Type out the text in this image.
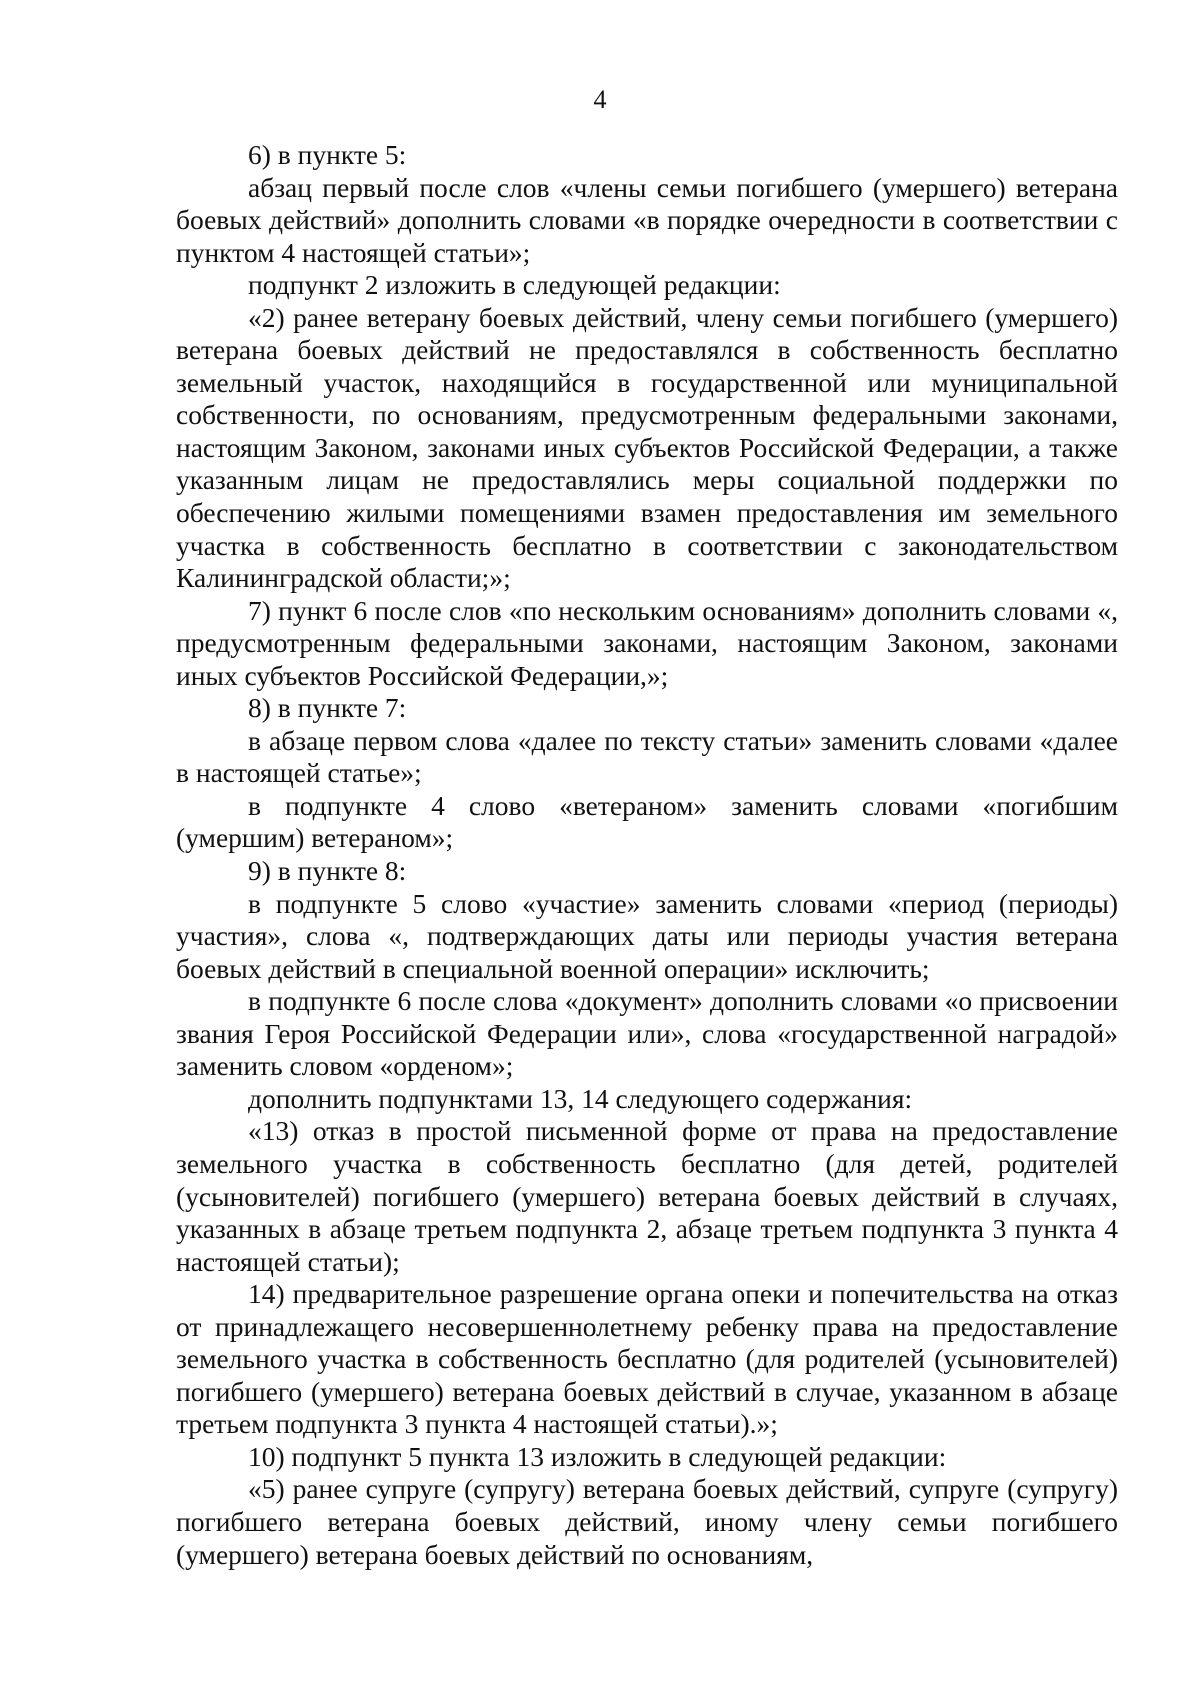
4

6) в пункте 5:

абзац первый после слов «члены семьи погибшего (умершего) ветерана боевых действий» дополнить словами «в порядке очередности в соответствии с пунктом 4 настоящей статьи»;

подпункт 2 изложить в следующей редакции:

«2) ранее ветерану боевых действий, члену семьи погибшего (умершего) ветерана боевых действий не предоставлялся в собственность бесплатно земельный участок, находящийся в государственной или муниципальной собственности, по основаниям, предусмотренным федеральными законами, настоящим Законом, законами иных субъектов Российской Федерации, а также указанным лицам не предоставлялись меры социальной поддержки по обеспечению жилыми помещениями взамен предоставления им земельного участка в собственность бесплатно в соответствии с законодательством Калининградской области;»;

7) пункт 6 после слов «по нескольким основаниям» дополнить словами «, предусмотренным федеральными законами, настоящим Законом, законами иных субъектов Российской Федерации,»;

8) в пункте 7:

в абзаце первом слова «далее по тексту статьи» заменить словами «далее в настоящей статье»;

в подпункте 4 слово «ветераном» заменить словами «погибшим (умершим) ветераном»;

9) в пункте 8:

в подпункте 5 слово «участие» заменить словами «период (периоды) участия», слова «, подтверждающих даты или периоды участия ветерана боевых действий в специальной военной операции» исключить;

в подпункте 6 после слова «документ» дополнить словами «о присвоении звания Героя Российской Федерации или», слова «государственной наградой» заменить словом «орденом»;

дополнить подпунктами 13, 14 следующего содержания:

«13) отказ в простой письменной форме от права на предоставление земельного участка в собственность бесплатно (для детей, родителей (усыновителей) погибшего (умершего) ветерана боевых действий в случаях, указанных в абзаце третьем подпункта 2, абзаце третьем подпункта 3 пункта 4 настоящей статьи);

14) предварительное разрешение органа опеки и попечительства на отказ от принадлежащего несовершеннолетнему ребенку права на предоставление земельного участка в собственность бесплатно (для родителей (усыновителей) погибшего (умершего) ветерана боевых действий в случае, указанном в абзаце третьем подпункта 3 пункта 4 настоящей статьи).»;

10) подпункт 5 пункта 13 изложить в следующей редакции:

«5) ранее супруге (супругу) ветерана боевых действий, супруге (супругу) погибшего ветерана боевых действий, иному члену семьи погибшего (умершего) ветерана боевых действий по основаниям,
